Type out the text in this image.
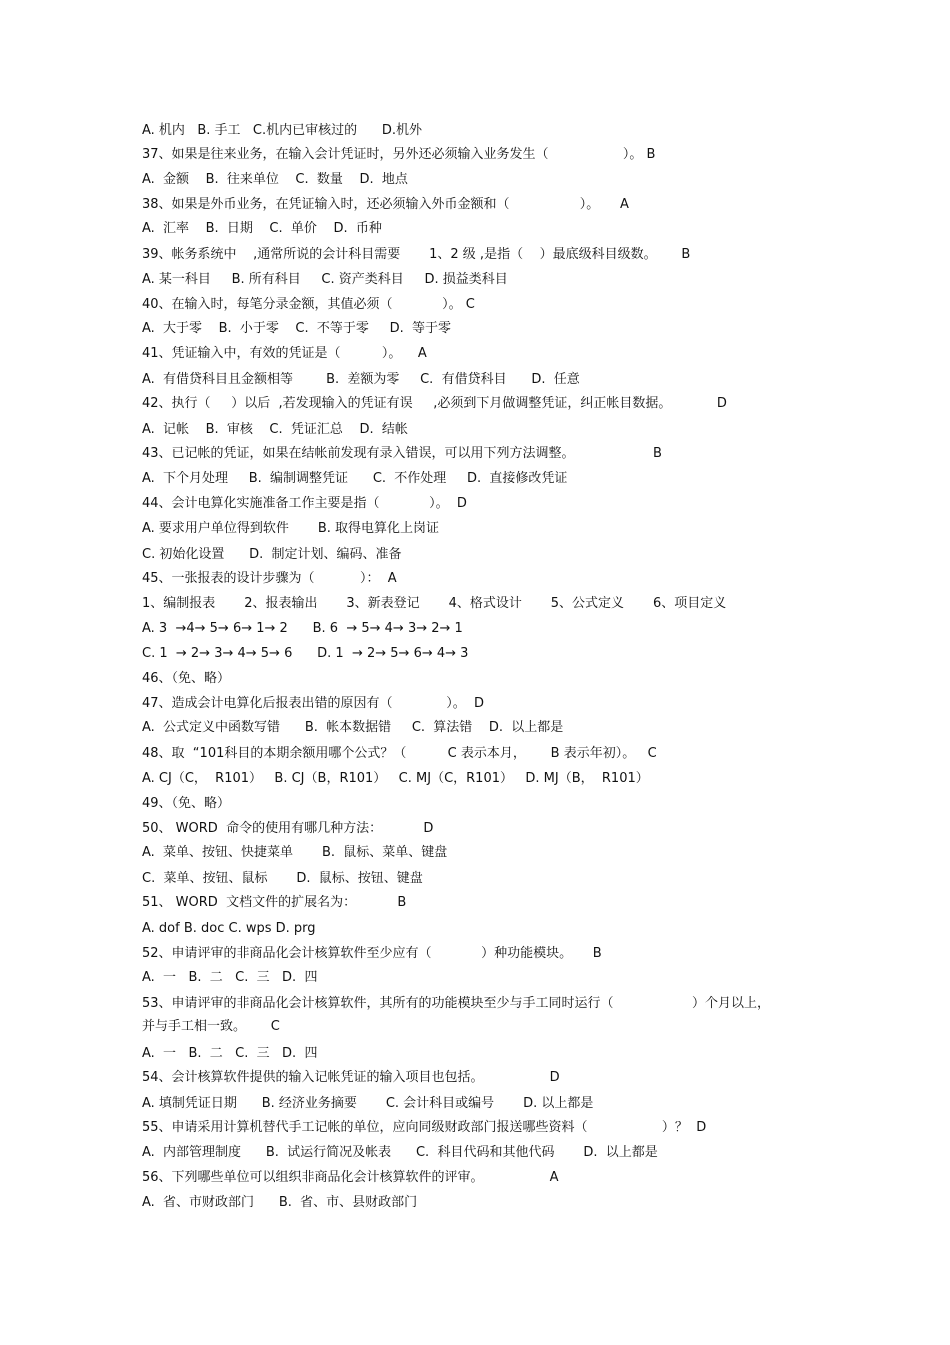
A. 机内   B. 手工   C.机内已审核过的      D.机外
37、如果是往来业务，在输入会计凭证时，另外还必须输入业务发生（                  ）。 B
A.  金额    B.  往来单位    C.  数量    D.  地点
38、如果是外币业务，在凭证输入时，还必须输入外币金额和（                 ）。     A
A.  汇率    B.  日期    C.  单价    D.  币种
39、帐务系统中    ,通常所说的会计科目需要       1、2 级 ,是指（    ）最底级科目级数。      B
A. 某一科目     B. 所有科目     C. 资产类科目     D. 损益类科目
40、在输入时，每笔分录金额，其值必须（            ）。 C
A.  大于零    B.  小于零    C.  不等于零     D.  等于零
41、凭证输入中，有效的凭证是（          ）。    A
A.  有借贷科目且金额相等        B.  差额为零     C.  有借贷科目      D.  任意
42、执行（     ）以后  ,若发现输入的凭证有误     ,必须到下月做调整凭证，纠正帐目数据。           D
A.  记帐    B.  审核    C.  凭证汇总    D.  结帐
43、已记帐的凭证，如果在结帐前发现有录入错误，可以用下列方法调整。                   B
A.  下个月处理     B.  编制调整凭证      C.  不作处理     D.  直接修改凭证
44、会计电算化实施准备工作主要是指（            ）。  D
A. 要求用户单位得到软件       B. 取得电算化上岗证
C. 初始化设置      D.  制定计划、编码、准备
45、一张报表的设计步骤为（           ）：  A
1、编制报表       2、报表输出       3、新表登记       4、格式设计       5、公式定义       6、项目定义
A. 3  →4→ 5→ 6→ 1→ 2      B. 6  → 5→ 4→ 3→ 2→ 1
C. 1  → 2→ 3→ 4→ 5→ 6      D. 1  → 2→ 5→ 6→ 4→ 3
46、（免、略）
47、造成会计电算化后报表出错的原因有（             ）。  D
A.  公式定义中函数写错      B.  帐本数据错     C.  算法错    D.  以上都是
48、取  “101科目的本期余额用哪个公式？（          C 表示本月，      B 表示年初）。   C
A. CJ（C，  R101）   B. CJ（B，R101）   C. MJ（C，R101）   D. MJ（B，  R101）
49、（免、略）
50、 WORD  命令的使用有哪几种方法：          D
A.  菜单、按钮、快捷菜单       B.  鼠标、菜单、键盘
C.  菜单、按钮、鼠标       D.  鼠标、按钮、键盘
51、 WORD  文档文件的扩展名为：          B
A. dof B. doc C. wps D. prg
52、申请评审的非商品化会计核算软件至少应有（            ）种功能模块。     B
A.  一   B.  二   C.  三   D.  四
53、申请评审的非商品化会计核算软件，其所有的功能模块至少与手工同时运行（                   ）个月以上，
并与手工相一致。      C
A.  一   B.  二   C.  三   D.  四
54、会计核算软件提供的输入记帐凭证的输入项目也包括。                D
A. 填制凭证日期      B. 经济业务摘要       C. 会计科目或编号       D. 以上都是
55、申请采用计算机替代手工记帐的单位，应向同级财政部门报送哪些资料（                  ）？  D
A.  内部管理制度      B.  试运行简况及帐表      C.  科目代码和其他代码       D.  以上都是
56、下列哪些单位可以组织非商品化会计核算软件的评审。                A
A.  省、市财政部门      B.  省、市、县财政部门
